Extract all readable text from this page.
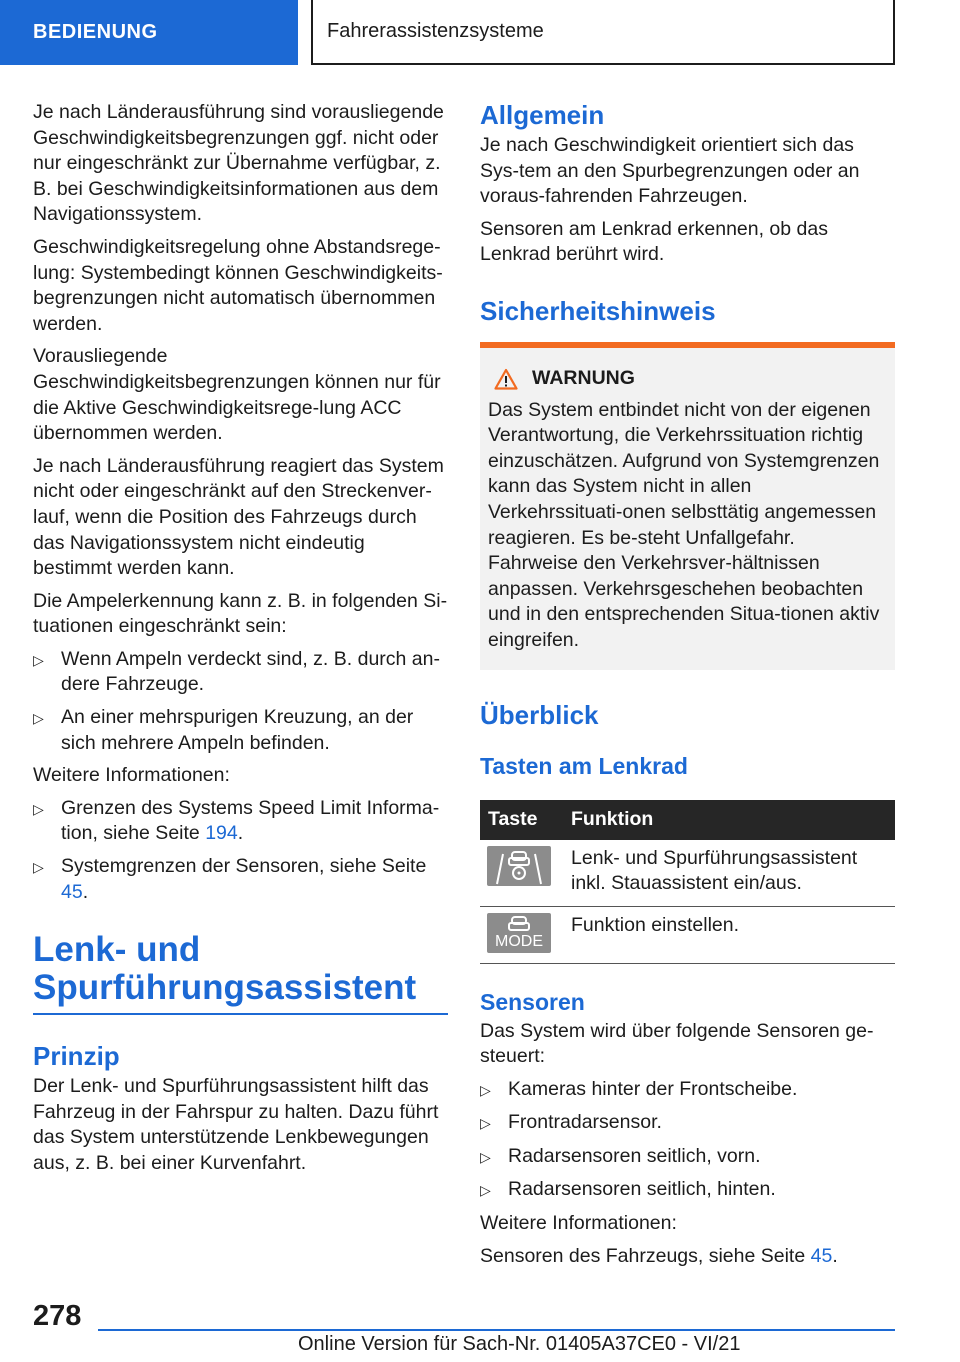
BEDIENUNG	Fahrerassistenzsysteme

Je nach Länderausführung sind vorausliegende Geschwindigkeitsbegrenzungen ggf. nicht oder nur eingeschränkt zur Übernahme verfügbar, z. B. bei Geschwindigkeitsinformationen aus dem Navigationssystem.

Geschwindigkeitsregelung ohne Abstandsrege-lung: Systembedingt können Geschwindigkeits-begrenzungen nicht automatisch übernommen werden.

Vorausliegende Geschwindigkeitsbegrenzungen können nur für die Aktive Geschwindigkeitsrege-lung ACC übernommen werden.

Je nach Länderausführung reagiert das System nicht oder eingeschränkt auf den Streckenver-lauf, wenn die Position des Fahrzeugs durch das Navigationssystem nicht eindeutig bestimmt werden kann.

Die Ampelerkennung kann z. B. in folgenden Si-tuationen eingeschränkt sein:

▷ Wenn Ampeln verdeckt sind, z. B. durch an-dere Fahrzeuge.
▷ An einer mehrspurigen Kreuzung, an der sich mehrere Ampeln befinden.

Weitere Informationen:

▷ Grenzen des Systems Speed Limit Informa-tion, siehe Seite 194.
▷ Systemgrenzen der Sensoren, siehe Seite 45.
Lenk- und Spurführungsassistent
Prinzip

Der Lenk- und Spurführungsassistent hilft das Fahrzeug in der Fahrspur zu halten. Dazu führt das System unterstützende Lenkbewegungen aus, z. B. bei einer Kurvenfahrt.

Allgemein

Je nach Geschwindigkeit orientiert sich das Sys-tem an den Spurbegrenzungen oder an voraus-fahrenden Fahrzeugen.

Sensoren am Lenkrad erkennen, ob das Lenkrad berührt wird.

Sicherheitshinweis
WARNUNG
Das System entbindet nicht von der eigenen Verantwortung, die Verkehrssituation richtig einzuschätzen. Aufgrund von Systemgrenzen kann das System nicht in allen Verkehrssituati-onen selbsttätig angemessen reagieren. Es be-steht Unfallgefahr. Fahrweise den Verkehrsver-hältnissen anpassen. Verkehrsgeschehen beobachten und in den entsprechenden Situa-tionen aktiv eingreifen.
Überblick
Tasten am Lenkrad
Taste	Funktion

	Lenk- und Spurführungsassistent inkl. Stauassistent ein/aus.

MODE	Funktion einstellen.
Sensoren

Das System wird über folgende Sensoren ge-steuert:

▷ Kameras hinter der Frontscheibe.
▷ Frontradarsensor.
▷ Radarsensoren seitlich, vorn.
▷ Radarsensoren seitlich, hinten.

Weitere Informationen:

Sensoren des Fahrzeugs, siehe Seite 45.

278
Online Version für Sach-Nr. 01405A37CE0 - VI/21
